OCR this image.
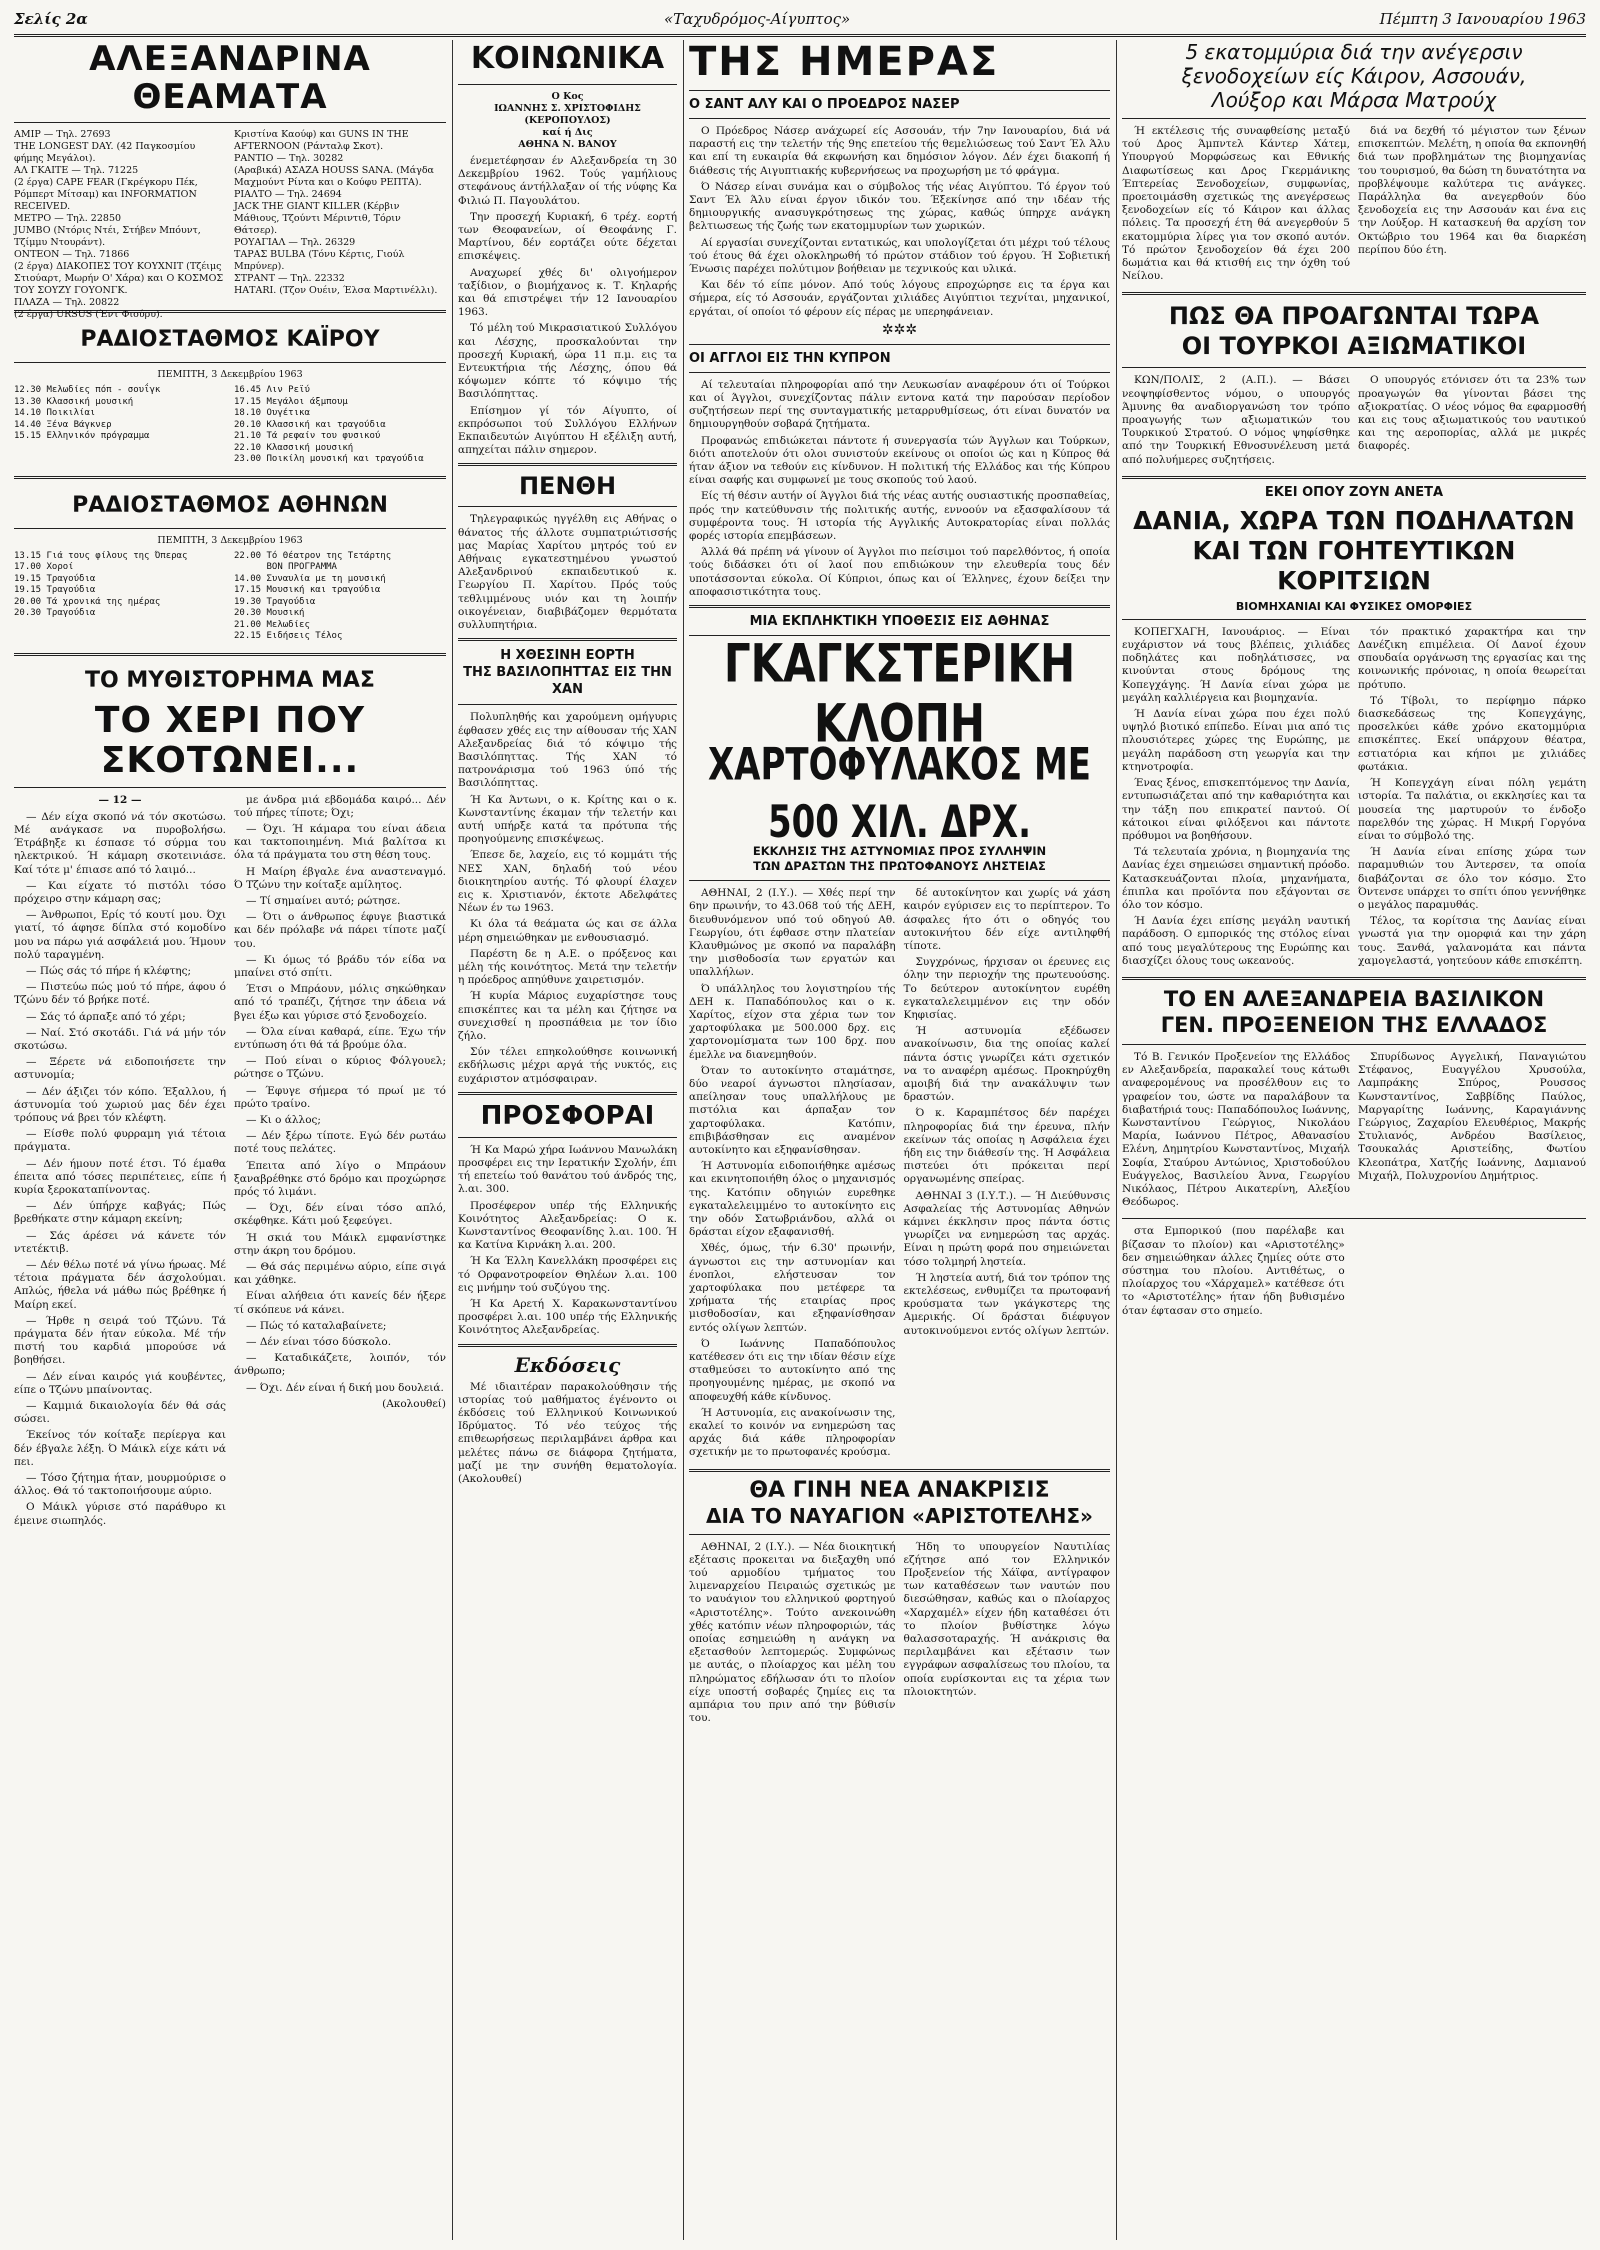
Σελίς 2α	«Ταχυδρόμος-Αίγυπτος»	Πέμπτη 3 Ιανουαρίου 1963
ΑΛΕΞΑΝΔΡΙΝΑ ΘΕΑΜΑΤΑ
AMIP — Τηλ. 27693
THE LONGEST DAY. (42 Παγκοσμίου φήμης Μεγάλοι).
ΑΛ ΓΚΑΙΤΕ — Τηλ. 71225
(2 έργα) CAPE FEAR (Γκρέγκορυ Πέκ, Ρόμπερτ Μίτσαμ) και INFORMATION RECEIVED.
ΜΕΤΡΟ — Τηλ. 22850
JUMBO (Ντόρις Ντέι, Στήβεν Μπόυντ, Τζίμμυ Ντουράντ).
ΟΝΤΕΟΝ — Τηλ. 71866
(2 έργα) ΔΙΑΚΟΠΕΣ ΤΟΥ ΚΟΥΧΝΙΤ (Τζέιμς Στιούαρτ, Μωρήν Ο' Χάρα) και Ο ΚΟΣΜΟΣ ΤΟΥ ΣΟΥΖΥ ΓΟΥΟΝΓΚ.
ΠΛΑΖΑ — Τηλ. 20822
(2 έργα) URSUS (Έντ Φιούρυ).
Κριστίνα Καούφ) και GUNS IN THE AFTERNOON (Ράνταλφ Σκοτ).
ΡΑΝΤΙΟ — Τηλ. 30282
(Αραβικά) ΑΣΑΖΑ ΗΟUSS SANA. (Μάγδα Μαχμούντ Ρίντα και ο Κούφυ ΡΕΠΤΑ).
ΡΙΑΛΤΟ — Τηλ. 24694
JACK THE GIANT KILLER (Κέρβιν Μάθιους, Τζούντι Μέριντιθ, Τόριν Θάτσερ).
ΡΟΥΑΓΙΑΛ — Τηλ. 26329
ΤΑΡΑΣ BULBA (Τόνυ Κέρτις, Γιούλ Μπρύνερ).
ΣΤΡΑΝΤ — Τηλ. 22332
ΗΑΤΑRΙ. (Τζον Ουέιν, Έλσα Μαρτινέλλι).
ΡΑΔΙΟΣΤΑΘΜΟΣ ΚΑΪΡΟΥ
ΠΕΜΠΤΗ, 3 Δεκεμβρίου 1963
12.30 Μελωδίες πόπ - σουΐγκ
13.30 Κλασσική μουσική
14.10 Ποικιλίαι
14.40 Ξένα Βάγκνερ
15.15 Ελληνικόν πρόγραμμα
16.45 Λιν Ρεϊύ
17.15 Μεγάλοι άξμπουμ
18.10 Ουγέτικα
20.10 Κλασσική και τραγούδια
21.10 Τά ρεφαίν του φυσικού
22.10 Κλασσική μουσική
23.00 Ποικίλη μουσική και τραγούδια
ΡΑΔΙΟΣΤΑΘΜΟΣ ΑΘΗΝΩΝ
ΠΕΜΠΤΗ, 3 Δεκεμβρίου 1963
13.15 Γιά τους φίλους της Όπερας
17.00 Χοροί
19.15 Τραγούδια
19.15 Τραγούδια
20.00 Τά χρονικά της ημέρας
20.30 Τραγούδια
22.00 Τό Θέατρον της Τετάρτης
ΒΟΝ ΠΡΟΓΡΑΜΜΑ
14.00 Συναυλία με τη μουσική
17.15 Μουσική και τραγούδια
19.30 Τραγούδια
20.30 Μουσική
21.00 Μελωδίες
22.15 Ειδήσεις Τέλος
ΤΟ ΜΥΘΙΣΤΟΡΗΜΑ ΜΑΣ
ΤΟ ΧΕΡΙ ΠΟΥ ΣΚΟΤΩΝΕΙ...
— 12 —

— Δέν είχα σκοπό νά τόν σκοτώσω. Μέ ανάγκασε να πυροβολήσω. Έτράβηξε κι έσπασε τό σύρμα του ηλεκτρικού. Ή κάμαρη σκοτεινιάσε. Καί τότε μ' έπιασε από τό λαιμό...

— Και είχατε τό πιστόλι τόσο πρόχειρο στην κάμαρη σας;

— Άνθρωποι, Ερίς τό κουτί μου. Όχι γιατί, τό άφησε δίπλα στό κομοδίνο μου να πάρω γιά ασφάλειά μου. Ήμουν πολύ ταραγμένη.

— Πώς σάς τό πήρε ή κλέφτης;

— Πιστεύω πώς μού τό πήρε, άφου ό Τζώνυ δέν τό βρήκε ποτέ.

— Σάς τό άρπαξε από τό χέρι;

— Ναί. Στό σκοτάδι. Γιά νά μήν τόν σκοτώσω.

— Ξέρετε νά ειδοποιήσετε την αστυνομία;

— Δέν άξιζει τόν κόπο. Έξαλλου, ή άστυνομία τού χωριού μας δέν έχει τρόπους νά βρει τόν κλέφτη.

— Είσθε πολύ φυρραμη γιά τέτοια πράγματα.

— Δέν ήμουν ποτέ έτσι. Τό έμαθα έπειτα από τόσες περιπέτειες, είπε ή κυρία ξεροκαταπίνοντας.

— Δέν ύπήρχε καβγάς; Πώς βρεθήκατε στην κάμαρη εκείνη;

— Σάς άρέσει νά κάνετε τόν ντετέκτιβ.

— Δέν θέλω ποτέ νά γίνω ήρωας. Μέ τέτοια πράγματα δέν άσχολούμαι. Απλώς, ήθελα νά μάθω πώς βρέθηκε ή Μαίρη εκεί.

— Ήρθε η σειρά τού Τζώνυ. Τά πράγματα δέν ήταν εύκολα. Μέ τήν πιστή του καρδιά μπορούσε νά βοηθήσει.

— Δέν είναι καιρός γιά κουβέντες, είπε ο Τζώνυ μπαίνοντας.

— Καμμιά δικαιολογία δέν θά σάς σώσει.

Έκείνος τόν κοίταξε περίεργα και δέν έβγαλε λέξη. Ό Μάικλ είχε κάτι νά πει.

— Τόσο ζήτημα ήταν, μουρμούρισε ο άλλος. Θά τό τακτοποιήσουμε αύριο.

Ο Μάικλ γύρισε στό παράθυρο κι έμεινε σιωπηλός.

με άνδρα μιά εβδομάδα καιρό... Δέν τού πήρες τίποτε; Όχι;

— Όχι. Ή κάμαρα του είναι άδεια και τακτοποιημένη. Μιά βαλίτσα κι όλα τά πράγματα του στη θέση τους.

Η Μαίρη έβγαλε ένα αναστεναγμό. Ό Τζώνυ την κοίταξε αμίλητος.

— Τί σημαίνει αυτό; ρώτησε.

— Ότι ο άνθρωπος έφυγε βιαστικά και δέν πρόλαβε νά πάρει τίποτε μαζί του.

— Κι όμως τό βράδυ τόν είδα να μπαίνει στό σπίτι.

Έτσι ο Μπράουν, μόλις σηκώθηκαν από τό τραπέζι, ζήτησε την άδεια νά βγει έξω και γύρισε στό ξενοδοχείο.

— Όλα είναι καθαρά, είπε. Έχω τήν εντύπωση ότι θά τά βρούμε όλα.

— Πού είναι ο κύριος Φόλγουελ; ρώτησε ο Τζώνυ.

— Έφυγε σήμερα τό πρωί με τό πρώτο τραίνο.

— Κι ο άλλος;

— Δέν ξέρω τίποτε. Εγώ δέν ρωτάω ποτέ τους πελάτες.

Έπειτα από λίγο ο Μπράουν ξαναβρέθηκε στό δρόμο και προχώρησε πρός τό λιμάνι.

— Όχι, δέν είναι τόσο απλό, σκέφθηκε. Κάτι μού ξεφεύγει.

Ή σκιά του Μάικλ εμφανίστηκε στην άκρη του δρόμου.

— Θά σάς περιμένω αύριο, είπε σιγά και χάθηκε.

Είναι αλήθεια ότι κανείς δέν ήξερε τί σκόπευε νά κάνει.

— Πώς τό καταλαβαίνετε;

— Δέν είναι τόσο δύσκολο.

— Καταδικάζετε, λοιπόν, τόν άνθρωπο;

— Όχι. Δέν είναι ή δική μου δουλειά.

(Ακολουθεί)

ΚΟΙΝΩΝΙΚΑ
Ο Κος
ΙΩΑΝΝΗΣ Σ. ΧΡΙΣΤΟΦΙΔΗΣ
(ΚΕΡΟΠΟΥΛΟΣ)
καί ή Δις
ΑΘΗΝΑ Ν. ΒΑΝΟΥ

ένεμετέφησαν έν Αλεξανδρεία τη 30 Δεκεμβρίου 1962. Τούς γαμήλιους στεφάνους άντήλλαξαν οί τής νύφης Κα Φιλιώ Π. Παγουλάτου.

Την προσεχή Κυριακή, 6 τρέχ. εορτή των Θεοφανείων, οί Θεοφάνης Γ. Μαρτίνου, δέν εορτάζει ούτε δέχεται επισκέψεις.

Αναχωρεί χθές δι' ολιγοήμερον ταξίδιον, ο βιομήχανος κ. Τ. Κηλαρής και θά επιστρέψει τήν 12 Ιανουαρίου 1963.

Τό μέλη τού Μικρασιατικού Συλλόγου και Λέσχης, προσκαλούνται την προσεχή Κυριακή, ώρα 11 π.μ. εις τα Εντευκτήρια τής Λέσχης, όπου θά κόψωμεν κόπτε τό κόψιμο τής Βασιλόπηττας.

Επίσημον γί τόν Αίγυπτο, οί εκπρόσωποι τού Συλλόγου Ελλήνων Εκπαιδευτών Αιγύπτου Η εξέλιξη αυτή, απηχείται πάλιν σημερον.

ΠΕΝΘΗ

Τηλεγραφικώς ηγγέλθη εις Αθήνας ο θάνατος τής άλλοτε συμπατριώτισσής μας Μαρίας Χαρίτου μητρός τού εν Αθήναις εγκατεστημένου γνωστού Αλεξανδρινού εκπαιδευτικού κ. Γεωργίου Π. Χαρίτου. Πρός τούς τεθλιμμένους υιόν και τη λοιπήν οικογένειαν, διαβιβάζομεν θερμότατα συλλυπητήρια.

Η ΧΘΕΣΙΝΗ ΕΟΡΤΗ
ΤΗΣ ΒΑΣΙΛΟΠΗΤΤΑΣ ΕΙΣ ΤΗΝ ΧΑΝ

Πολυπληθής και χαρούμενη ομήγυρις έφθασεν χθές εις την αίθουσαν τής ΧΑΝ Αλεξανδρείας διά τό κόψιμο τής Βασιλόπηττας. Τής ΧΑΝ τό πατρονάρισμα τού 1963 ύπό τής Βασιλόπηττας.

Ή Κα Άντωνι, ο κ. Κρίτης και ο κ. Κωνσταντίνης έκαμαν τήν τελετήν και αυτή υπήρξε κατά τα πρότυπα τής προηγούμενης επισκέψεως.

Έπεσε δε, λαχείο, εις τό κομμάτι τής ΝΕΣ ΧΑΝ, δηλαδή τού νέου διοικητηρίου αυτής. Τό φλουρί έλαχεν εις κ. Χριστιανόν, έκτοτε Αδελφάτες Νέων έν τω 1963.

Κι όλα τά θεάματα ώς και σε άλλα μέρη σημειώθηκαν με ενθουσιασμό.

Παρέστη δε η Α.Ε. ο πρόξενος και μέλη τής κοινότητος. Μετά την τελετήν η πρόεδρος απηύθυνε χαιρετισμόν.

Ή κυρία Μάριος ευχαρίστησε τους επισκέπτες και τα μέλη και ζήτησε να συνεχισθεί η προσπάθεια με τον ίδιο ζήλο.

Σύν τέλει επηκολούθησε κοινωνική εκδήλωσις μέχρι αργά τής νυκτός, εις ευχάριστον ατμόσφαιραν.

ΠΡΟΣΦΟΡΑΙ

Ή Κα Μαρώ χήρα Ιωάννου Μανωλάκη προσφέρει εις την Ιερατικήν Σχολήν, έπι τή επετείω τού θανάτου τού άνδρός της, λ.αι. 300.

Προσέφερον υπέρ τής Ελληνικής Κοινότητος Αλεξανδρείας: Ο κ. Κωνσταντίνος Θεοφανίδης λ.αι. 100. Ή κα Κατίνα Κιρνάκη λ.αι. 200.

Ή Κα Έλλη Κανελλάκη προσφέρει εις τό Ορφανοτροφείον Θηλέων λ.αι. 100 εις μνήμην τού συζύγου της.

Ή Κα Αρετή Χ. Καρακωνσταντίνου προσφέρει λ.αι. 100 υπέρ τής Ελληνικής Κοινότητος Αλεξανδρείας.

Εκδόσεις

Μέ ιδιαιτέραν παρακολούθησιν τής ιστορίας τού μαθήματος έγένοντο οι έκδόσεις τού Ελληνικού Κοινωνικού Ιδρύματος. Τό νέο τεύχος τής επιθεωρήσεως περιλαμβάνει άρθρα και μελέτες πάνω σε διάφορα ζητήματα, μαζί με την συνήθη θεματολογία. (Ακολουθεί)

ΤΗΣ ΗΜΕΡΑΣ
Ο ΣΑΝΤ ΑΛΥ ΚΑΙ Ο ΠΡΟΕΔΡΟΣ ΝΑΣΕΡ

Ο Πρόεδρος Νάσερ ανάχωρεί είς Ασσουάν, τήν 7ην Ιανουαρίου, διά νά παραστή εις την τελετήν τής 9ης επετείου τής θεμελιώσεως τού Σαντ Έλ Άλυ και επί τη ευκαιρία θά εκφωνήση και δημόσιον λόγον. Δέν έχει διακοπή ή διάθεσις τής Αιγυπτιακής κυβερνήσεως να προχωρήση με τό φράγμα.

Ό Νάσερ είναι συνάμα και ο σύμβολος τής νέας Αιγύπτου. Τό έργον τού Σαντ Έλ Άλυ είναι έργον ιδικόν του. Έξεκίνησε από την ιδέαν τής δημιουργικής ανασυγκρότησεως της χώρας, καθώς ύπηρχε ανάγκη βελτιωσεως τής ζωής των εκατομμυρίων των χωρικών.

Αί εργασίαι συνεχίζονται εντατικώς, και υπολογίζεται ότι μέχρι τού τέλους τού έτους θά έχει ολοκληρωθή τό πρώτον στάδιον τού έργου. Ή Σοβιετική Ένωσις παρέχει πολύτιμον βοήθειαν με τεχνικούς και υλικά.

Και δέν τό είπε μόνον. Από τούς λόγους επροχώρησε εις τα έργα και σήμερα, είς τό Ασσουάν, εργάζονται χιλιάδες Αιγύπτιοι τεχνίται, μηχανικοί, εργάται, οί οποίοι τό φέρουν είς πέρας με υπερηφάνειαν.

✲✲✲
ΟΙ ΑΓΓΛΟΙ ΕΙΣ ΤΗΝ ΚΥΠΡΟΝ

Αί τελευταίαι πληροφορίαι από την Λευκωσίαν αναφέρουν ότι οί Τούρκοι και οί Άγγλοι, συνεχίζοντας πάλιν εντονα κατά την παρούσαν περίοδον συζητήσεων περί της συνταγματικής μεταρρυθμίσεως, ότι είναι δυνατόν να δημιουργηθούν σοβαρά ζητήματα.

Προφανώς επιδιώκεται πάντοτε ή συνεργασία τών Άγγλων και Τούρκων, διότι αποτελούν ότι ολοι συνιστούν εκείνους οι οποίοι ώς και η Κύπρος θά ήταν άξιον να τεθούν εις κίνδυνον. Η πολιτική τής Ελλάδος και τής Κύπρου είναι σαφής και συμφωνεί με τους σκοπούς τού λαού.

Είς τή θέσιν αυτήν οί Άγγλοι διά τής νέας αυτής ουσιαστικής προσπαθείας, πρός την κατεύθυνσιν τής πολιτικής αυτής, εννοούν να εξασφαλίσουν τά συμφέροντα τους. Ή ιστορία τής Αγγλικής Αυτοκρατορίας είναι πολλάς φορές ιστορία επεμβάσεων.

Άλλά θά πρέπη νά γίνουν οί Άγγλοι πιο πείσιμοι τού παρελθόντος, ή οποία τούς διδάσκει ότι οί λαοί που επιδιώκουν την ελευθερία τους δέν υποτάσσονται εύκολα. Οί Κύπριοι, όπως και οί Έλληνες, έχουν δείξει την αποφασιστικότητα τους.

ΜΙΑ ΕΚΠΛΗΚΤΙΚΗ ΥΠΟΘΕΣΙΣ ΕΙΣ ΑΘΗΝΑΣ
ΓΚΑΓΚΣΤΕΡΙΚΗ ΚΛΟΠΗ
ΧΑΡΤΟΦΥΛΑΚΟΣ ΜΕ 500 ΧΙΛ. ΔΡΧ.
ΕΚΚΛΗΣΙΣ ΤΗΣ ΑΣΤΥΝΟΜΙΑΣ ΠΡΟΣ ΣΥΛΛΗΨΙΝ
ΤΩΝ ΔΡΑΣΤΩΝ ΤΗΣ ΠΡΩΤΟΦΑΝΟΥΣ ΛΗΣΤΕΙΑΣ

ΑΘΗΝΑΙ, 2 (Ι.Υ.). — Χθές περί την 6ην πρωινήν, το 43.068 τού τής ΔΕΗ, διευθυνόμενον υπό τού οδηγού Αθ. Γεωργίου, ότι έφθασε στην πλατείαν Κλαυθμώνος με σκοπό να παραλάβη την μισθοδοσία των εργατών και υπαλλήλων.

Ό υπάλληλος του λογιστηρίου τής ΔΕΗ κ. Παπαδόπουλος και ο κ. Χαρίτος, είχον στα χέρια των τον χαρτοφύλακα με 500.000 δρχ. εις χαρτονομίσματα των 100 δρχ. που έμελλε να διανεμηθούν.

Όταν το αυτοκίνητο σταμάτησε, δύο νεαροί άγνωστοι πλησίασαν, απείλησαν τους υπαλλήλους με πιστόλια και άρπαξαν τον χαρτοφύλακα. Κατόπιν, επιβιβάσθησαν εις αναμένον αυτοκίνητο και εξηφανίσθησαν.

Ή Αστυνομία ειδοποιήθηκε αμέσως και εκινητοποιήθη όλος ο μηχανισμός της. Κατόπιν οδηγιών ευρεθηκε εγκαταλελειμμένο το αυτοκίνητο εις την οδόν Σατωβριάνδου, αλλά οι δράσται είχον εξαφανισθή.

Χθές, όμως, τήν 6.30' πρωινήν, άγνωστοι εις την αστυνομίαν και ένοπλοι, ελήστευσαν τον χαρτοφύλακα που μετέφερε τα χρήματα τής εταιρίας προς μισθοδοσίαν, και εξηφανίσθησαν εντός ολίγων λεπτών.

Ό Ιωάννης Παπαδόπουλος κατέθεσεν ότι εις την ιδίαν θέσιν είχε σταθμεύσει το αυτοκίνητο από της προηγουμένης ημέρας, με σκοπό να αποφευχθή κάθε κίνδυνος.

Ή Αστυνομία, εις ανακοίνωσιν της, εκαλεί το κοινόν να ενημερώση τας αρχάς διά κάθε πληροφορίαν σχετικήν με το πρωτοφανές κρούσμα.

δέ αυτοκίνητον και χωρίς νά χάση καιρόν εγύρισεν εις το περίπτερον. Το άσφαλες ήτο ότι ο οδηγός του αυτοκινήτου δέν είχε αντιληφθή τίποτε.

Συγχρόνως, ήρχισαν οι έρευνες εις όλην την περιοχήν της πρωτευούσης. Το δεύτερον αυτοκίνητον ευρέθη εγκαταλελειμμένον εις την οδόν Κηφισίας.

Ή αστυνομία εξέδωσεν ανακοίνωσιν, δια της οποίας καλεί πάντα όστις γνωρίζει κάτι σχετικόν να το αναφέρη αμέσως. Προκηρύχθη αμοιβή διά την ανακάλυψιν των δραστών.

Ό κ. Καραμπέτσος δέν παρέχει πληροφορίας διά την έρευνα, πλήν εκείνων τάς οποίας η Ασφάλεια έχει ήδη εις την διάθεσίν της. Ή Ασφάλεια πιστεύει ότι πρόκειται περί οργανωμένης σπείρας.

ΑΘΗΝΑΙ 3 (Ι.Υ.Τ.). — Ή Διεύθυνσις Ασφαλείας τής Αστυνομίας Αθηνών κάμνει έκκλησιν προς πάντα όστις γνωρίζει να ενημερώση τας αρχάς. Είναι η πρώτη φορά που σημειώνεται τόσο τολμηρή ληστεία.

Ή ληστεία αυτή, διά τον τρόπον της εκτελέσεως, ενθυμίζει τα πρωτοφανή κρούσματα των γκάγκστερς της Αμερικής. Οί δράσται διέφυγον αυτοκινούμενοι εντός ολίγων λεπτών.

ΘΑ ΓΙΝΗ ΝΕΑ ΑΝΑΚΡΙΣΙΣ
ΔΙΑ ΤΟ ΝΑΥΑΓΙΟΝ «ΑΡΙΣΤΟΤΕΛΗΣ»

ΑΘΗΝΑΙ, 2 (Ι.Υ.). — Νέα διοικητική εξέτασις προκειται να διεξαχθη υπό τού αρμοδίου τμήματος του λιμεναρχείου Πειραιώς σχετικώς με το ναυάγιον του ελληνικού φορτηγού «Αριστοτέλης». Τούτο ανεκοινώθη χθές κατόπιν νέων πληροφοριών, τάς οποίας εσημειώθη η ανάγκη να εξετασθούν λεπτομερώς. Συμφώνως με αυτάς, ο πλοίαρχος και μέλη του πληρώματος εδήλωσαν ότι το πλοίον είχε υποστή σοβαρές ζημίες εις τα αμπάρια του πριν από την βύθισίν του.

Ήδη το υπουργείον Ναυτιλίας εζήτησε από τον Ελληνικόν Προξενείον τής Χάϊφα, αντίγραφον των καταθέσεων των ναυτών που διεσώθησαν, καθώς και ο πλοίαρχος «Χαρχαμέλ» είχεν ήδη καταθέσει ότι το πλοίον βυθίστηκε λόγω θαλασσοταραχής. Ή ανάκρισις θα περιλαμβάνει και εξέτασιν των εγγράφων ασφαλίσεως του πλοίου, τα οποία ευρίσκονται εις τα χέρια των πλοιοκτητών.

5 εκατομμύρια διά την ανέγερσιν
ξενοδοχείων είς Κάιρον, Ασσουάν,
Λούξορ και Μάρσα Ματρούχ

Ή εκτέλεσις τής συναφθείσης μεταξύ τού Δρος Άμπντελ Κάντερ Χάτεμ, Υπουργού Μορφώσεως και Εθνικής Διαφωτίσεως και Δρος Γκερμάνικης Έπτερείας Ξενοδοχείων, συμφωνίας, προετοιμάσθη σχετικώς της ανεγέρσεως ξενοδοχείων είς τό Κάιρον και άλλας πόλεις. Τα προσεχή έτη θά ανεγερθούν 5 εκατομμύρια λίρες για τον σκοπό αυτόν. Τό πρώτον ξενοδοχείον θά έχει 200 δωμάτια και θά κτισθή εις την όχθη τού Νείλου.

διά να δεχθή τό μέγιστον των ξένων επισκεπτών. Μελέτη, η οποία θα εκπονηθή διά των προβλημάτων της βιομηχανίας του τουρισμού, θα δώση τη δυνατότητα να προβλέψουμε καλύτερα τις ανάγκες. Παράλληλα θα ανεγερθούν δύο ξενοδοχεία εις την Ασσουάν και ένα εις την Λούξορ. Η κατασκευή θα αρχίση τον Οκτώβριο του 1964 και θα διαρκέση περίπου δύο έτη.

ΠΩΣ ΘΑ ΠΡΟΑΓΩΝΤΑΙ ΤΩΡΑ
ΟΙ ΤΟΥΡΚΟΙ ΑΞΙΩΜΑΤΙΚΟΙ

ΚΩΝ/ΠΟΛΙΣ, 2 (Α.Π.). — Βάσει νεοψηφίσθεντος νόμου, ο υπουργός Άμυνης θα αναδιοργανώση τον τρόπο προαγωγής των αξιωματικών του Τουρκικού Στρατού. Ο νόμος ψηφίσθηκε από την Τουρκική Εθνοσυνέλευση μετά από πολυήμερες συζητήσεις.

Ο υπουργός ετόνισεν ότι τα 23% των προαγωγών θα γίνονται βάσει της αξιοκρατίας. Ο νέος νόμος θα εφαρμοσθή και εις τους αξιωματικούς του ναυτικού και της αεροπορίας, αλλά με μικρές διαφορές.

ΕΚΕΙ ΟΠΟΥ ΖΟΥΝ ΑΝΕΤΑ
ΔΑΝΙΑ, ΧΩΡΑ ΤΩΝ ΠΟΔΗΛΑΤΩΝ
ΚΑΙ ΤΩΝ ΓΟΗΤΕΥΤΙΚΩΝ ΚΟΡΙΤΣΙΩΝ
ΒΙΟΜΗΧΑΝΙΑΙ ΚΑΙ ΦΥΣΙΚΕΣ ΟΜΟΡΦΙΕΣ

ΚΟΠΕΓΧΑΓΗ, Ιανουάριος. — Είναι ευχάριστον νά τους βλέπεις, χιλιάδες ποδηλάτες και ποδηλάτισσες, να κινούνται στους δρόμους της Κοπεγχάγης. Ή Δανία είναι χώρα με μεγάλη καλλιέργεια και βιομηχανία.

Ή Δανία είναι χώρα που έχει πολύ υψηλό βιοτικό επίπεδο. Είναι μια από τις πλουσιότερες χώρες της Ευρώπης, με μεγάλη παράδοση στη γεωργία και την κτηνοτροφία.

Ένας ξένος, επισκεπτόμενος την Δανία, εντυπωσιάζεται από την καθαριότητα και την τάξη που επικρατεί παντού. Οί κάτοικοι είναι φιλόξενοι και πάντοτε πρόθυμοι να βοηθήσουν.

Τά τελευταία χρόνια, η βιομηχανία της Δανίας έχει σημειώσει σημαντική πρόοδο. Κατασκευάζονται πλοία, μηχανήματα, έπιπλα και προϊόντα που εξάγονται σε όλο τον κόσμο.

Ή Δανία έχει επίσης μεγάλη ναυτική παράδοση. Ο εμπορικός της στόλος είναι από τους μεγαλύτερους της Ευρώπης και διασχίζει όλους τους ωκεανούς.

τόν πρακτικό χαρακτήρα και την Δανέζικη επιμέλεια. Οί Δανοί έχουν σπουδαία οργάνωση της εργασίας και της κοινωνικής πρόνοιας, η οποία θεωρείται πρότυπο.

Τό Τίβολι, το περίφημο πάρκο διασκεδάσεως της Κοπεγχάγης, προσελκύει κάθε χρόνο εκατομμύρια επισκέπτες. Εκεί υπάρχουν θέατρα, εστιατόρια και κήποι με χιλιάδες φωτάκια.

Ή Κοπεγχάγη είναι πόλη γεμάτη ιστορία. Τα παλάτια, οι εκκλησίες και τα μουσεία της μαρτυρούν το ένδοξο παρελθόν της χώρας. Η Μικρή Γοργόνα είναι το σύμβολό της.

Ή Δανία είναι επίσης χώρα των παραμυθιών του Άντερσεν, τα οποία διαβάζονται σε όλο τον κόσμο. Στο Όντενσε υπάρχει το σπίτι όπου γεννήθηκε ο μεγάλος παραμυθάς.

Τέλος, τα κορίτσια της Δανίας είναι γνωστά για την ομορφιά και την χάρη τους. Ξανθά, γαλανομάτα και πάντα χαμογελαστά, γοητεύουν κάθε επισκέπτη.

ΤΟ ΕΝ ΑΛΕΞΑΝΔΡΕΙΑ ΒΑΣΙΛΙΚΟΝ
ΓΕΝ. ΠΡΟΞΕΝΕΙΟΝ ΤΗΣ ΕΛΛΑΔΟΣ

Τό Β. Γενικόν Προξενείον της Ελλάδος εν Αλεξανδρεία, παρακαλεί τους κάτωθι αναφερομένους να προσέλθουν εις το γραφείον του, ώστε να παραλάβουν τα διαβατήριά τους: Παπαδόπουλος Ιωάννης, Κωνσταντίνου Γεώργιος, Νικολάου Μαρία, Ιωάννου Πέτρος, Αθανασίου Ελένη, Δημητρίου Κωνσταντίνος, Μιχαήλ Σοφία, Σταύρου Αντώνιος, Χριστοδούλου Ευάγγελος, Βασιλείου Άννα, Γεωργίου Νικόλαος, Πέτρου Αικατερίνη, Αλεξίου Θεόδωρος.

Σπυρίδωνος Αγγελική, Παναγιώτου Στέφανος, Ευαγγέλου Χρυσούλα, Λαμπράκης Σπύρος, Ρουσσος Κωνσταντίνος, Σαββίδης Παύλος, Μαργαρίτης Ιωάννης, Καραγιάννης Γεώργιος, Ζαχαρίου Ελευθέριος, Μακρής Στυλιανός, Ανδρέου Βασίλειος, Τσουκαλάς Αριστείδης, Φωτίου Κλεοπάτρα, Χατζής Ιωάννης, Δαμιανού Μιχαήλ, Πολυχρονίου Δημήτριος.

στα Εμπορικού (που παρέλαβε και βίζασαν το πλοίον) και «Αριστοτέλης» δεν σημειώθηκαν άλλες ζημίες ούτε στο σύστημα του πλοίου. Αντιθέτως, ο πλοίαρχος του «Χάρχαμελ» κατέθεσε ότι το «Αριστοτέλης» ήταν ήδη βυθισμένο όταν έφτασαν στο σημείο.
